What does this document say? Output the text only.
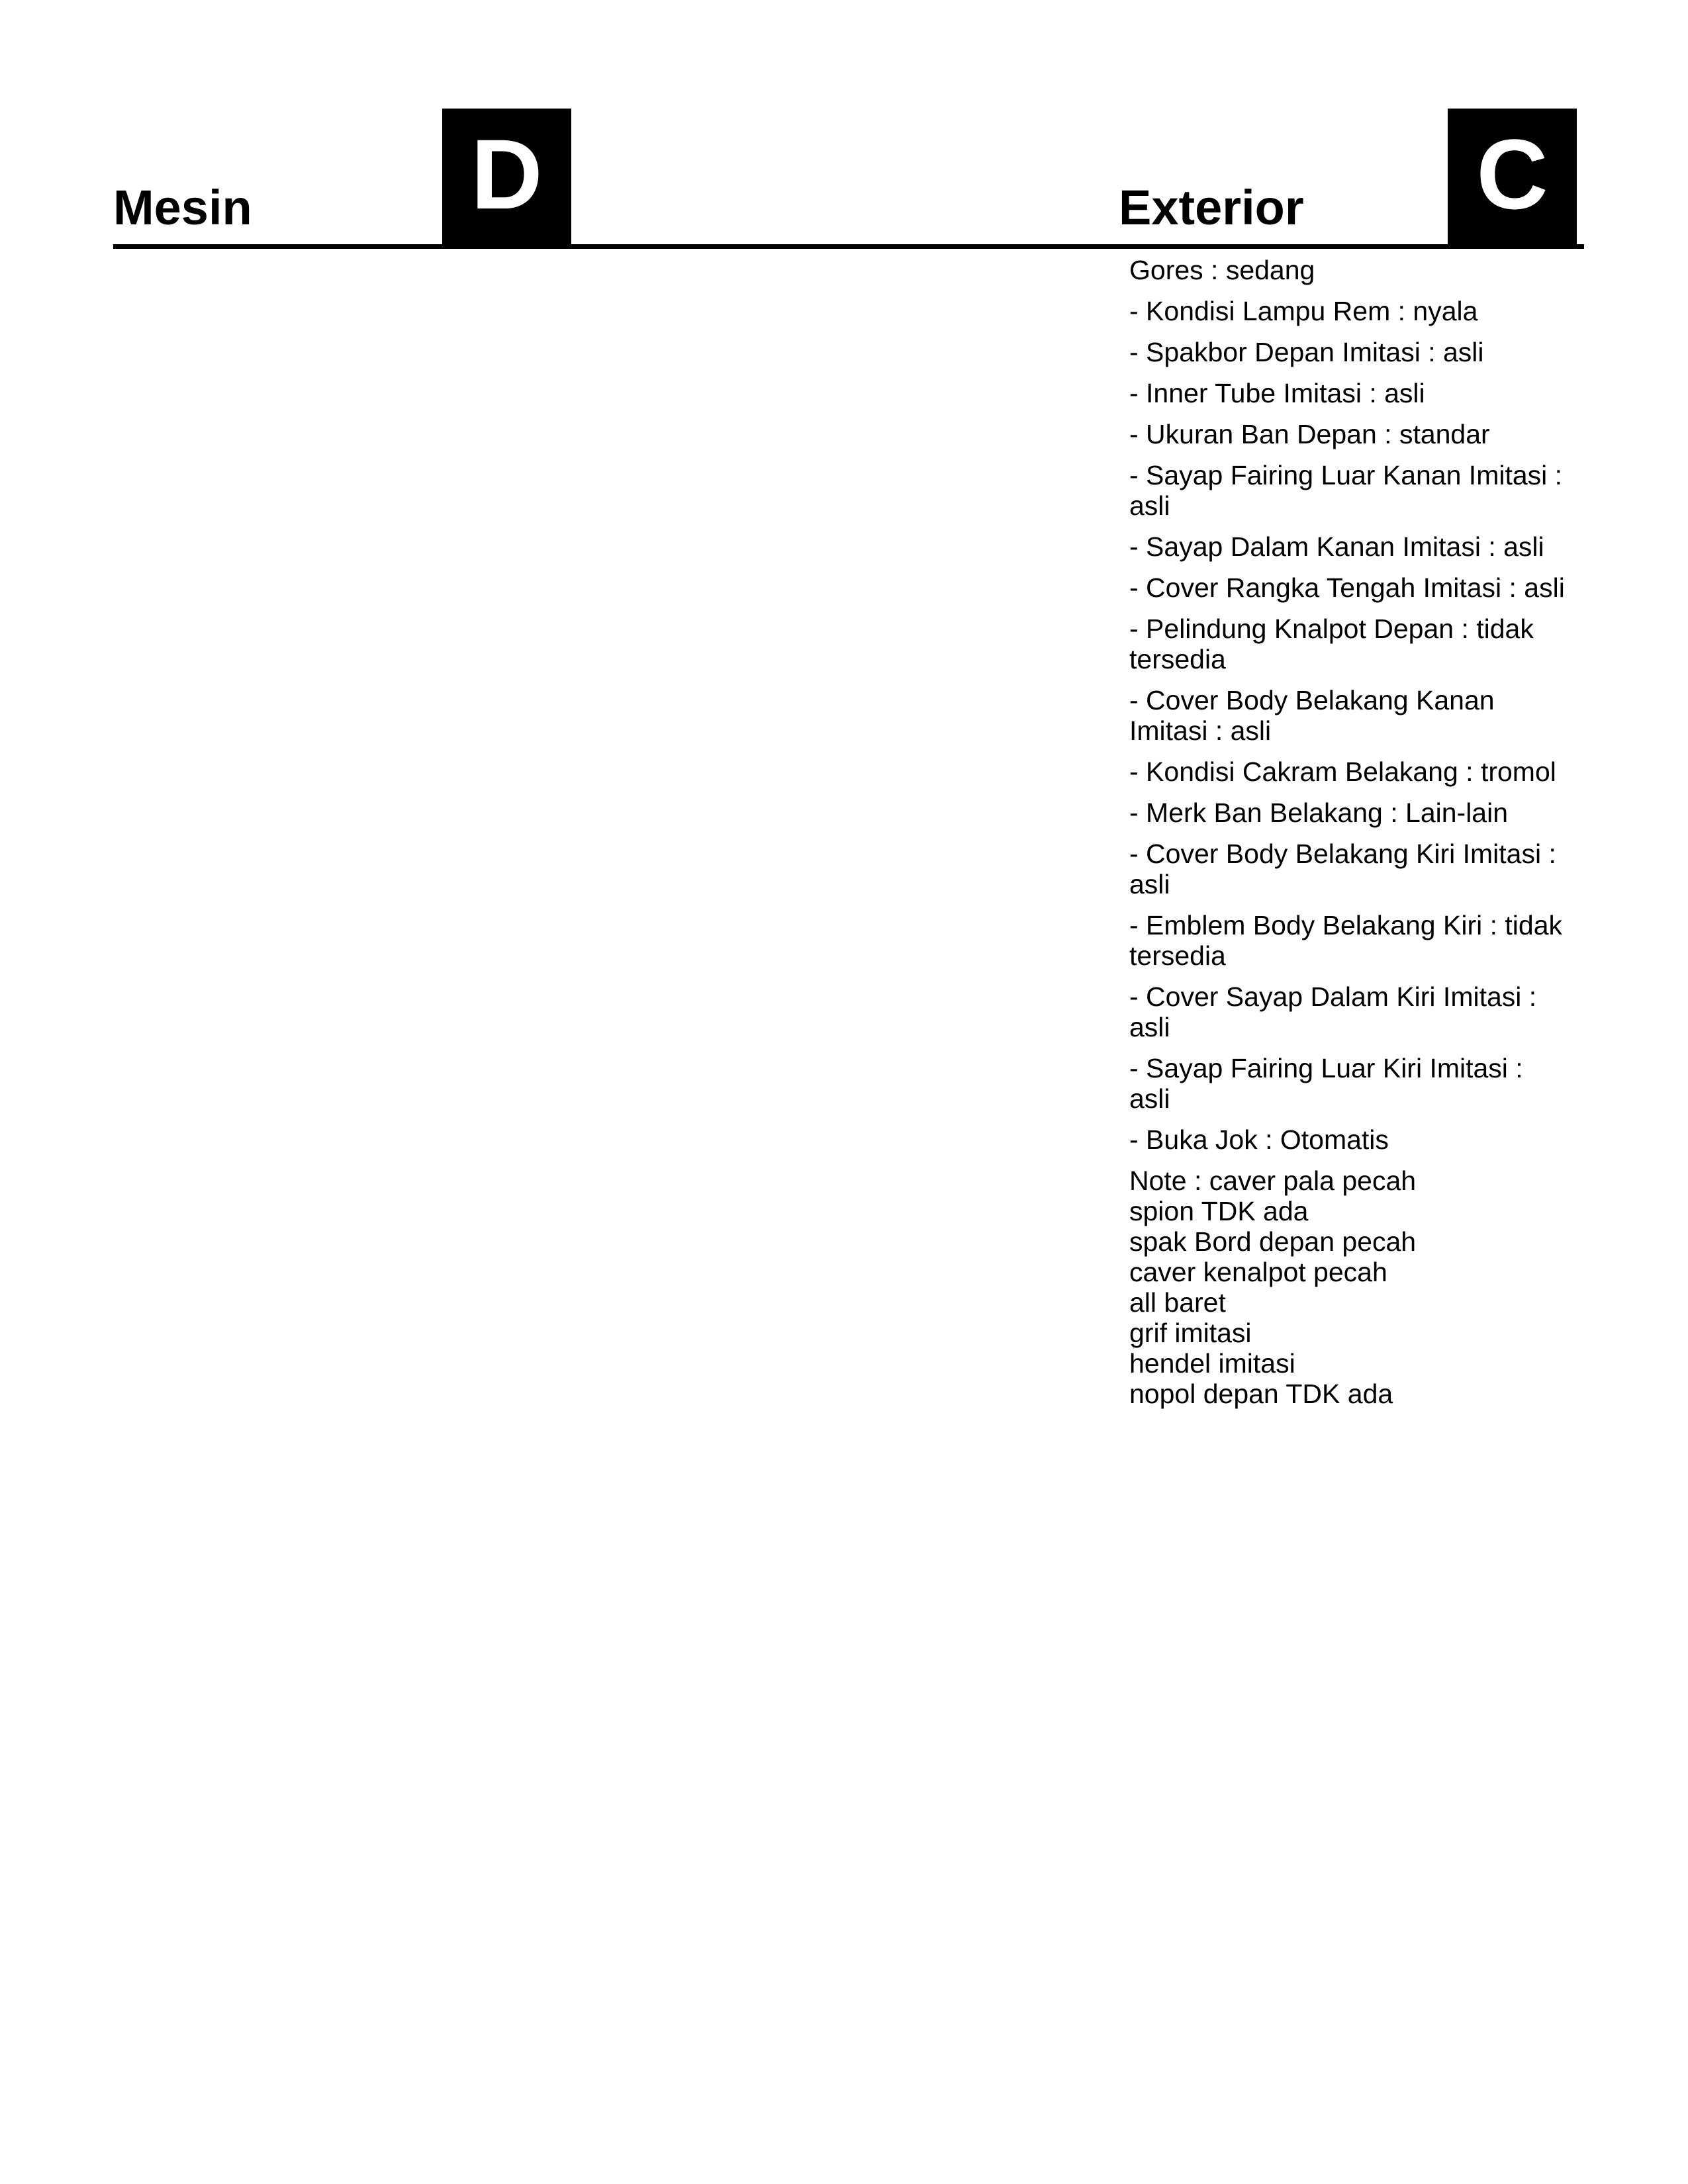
Mesin D	Exterior C
Gores : sedang
- Kondisi Lampu Rem : nyala
- Spakbor Depan Imitasi : asli
- Inner Tube Imitasi : asli
- Ukuran Ban Depan : standar
- Sayap Fairing Luar Kanan Imitasi : asli
- Sayap Dalam Kanan Imitasi : asli
- Cover Rangka Tengah Imitasi : asli
- Pelindung Knalpot Depan : tidak tersedia
- Cover Body Belakang Kanan Imitasi : asli
- Kondisi Cakram Belakang : tromol
- Merk Ban Belakang : Lain-lain
- Cover Body Belakang Kiri Imitasi : asli
- Emblem Body Belakang Kiri : tidak tersedia
- Cover Sayap Dalam Kiri Imitasi : asli
- Sayap Fairing Luar Kiri Imitasi : asli
- Buka Jok : Otomatis
Note : caver pala pecah
spion TDK ada
spak Bord depan pecah
caver kenalpot pecah
all baret
grif imitasi
hendel imitasi
nopol depan TDK ada
